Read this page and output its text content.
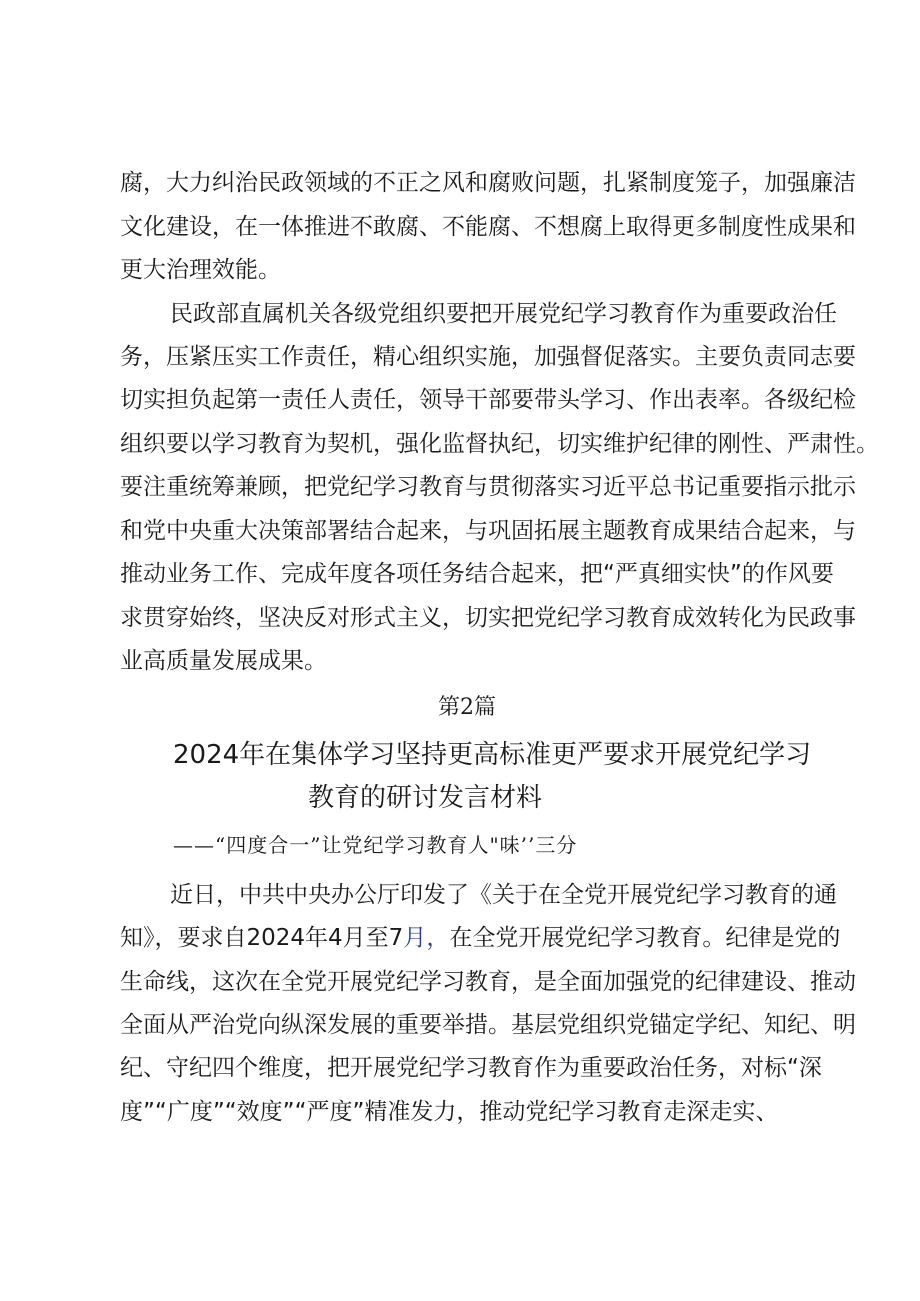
腐，大力纠治民政领域的不正之风和腐败问题，扎紧制度笼子，加强廉洁
文化建设，在一体推进不敢腐、不能腐、不想腐上取得更多制度性成果和
更大治理效能。
民政部直属机关各级党组织要把开展党纪学习教育作为重要政治任
务，压紧压实工作责任，精心组织实施，加强督促落实。主要负责同志要
切实担负起第一责任人责任，领导干部要带头学习、作出表率。各级纪检
组织要以学习教育为契机，强化监督执纪，切实维护纪律的刚性、严肃性。
要注重统筹兼顾，把党纪学习教育与贯彻落实习近平总书记重要指示批示
和党中央重大决策部署结合起来，与巩固拓展主题教育成果结合起来，与
推动业务工作、完成年度各项任务结合起来，把“严真细实快”的作风要
求贯穿始终，坚决反对形式主义，切实把党纪学习教育成效转化为民政事
业高质量发展成果。
第2篇
2024年在集体学习坚持更高标准更严要求开展党纪学习
教育的研讨发言材料
——“四度合一”让党纪学习教育人"味’’三分
近日，中共中央办公厅印发了《关于在全党开展党纪学习教育的通
知》，要求自2024年4月至7月，在全党开展党纪学习教育。纪律是党的
生命线，这次在全党开展党纪学习教育，是全面加强党的纪律建设、推动
全面从严治党向纵深发展的重要举措。基层党组织党锚定学纪、知纪、明
纪、守纪四个维度，把开展党纪学习教育作为重要政治任务，对标“深
度”“广度”“效度”“严度”精准发力，推动党纪学习教育走深走实、
